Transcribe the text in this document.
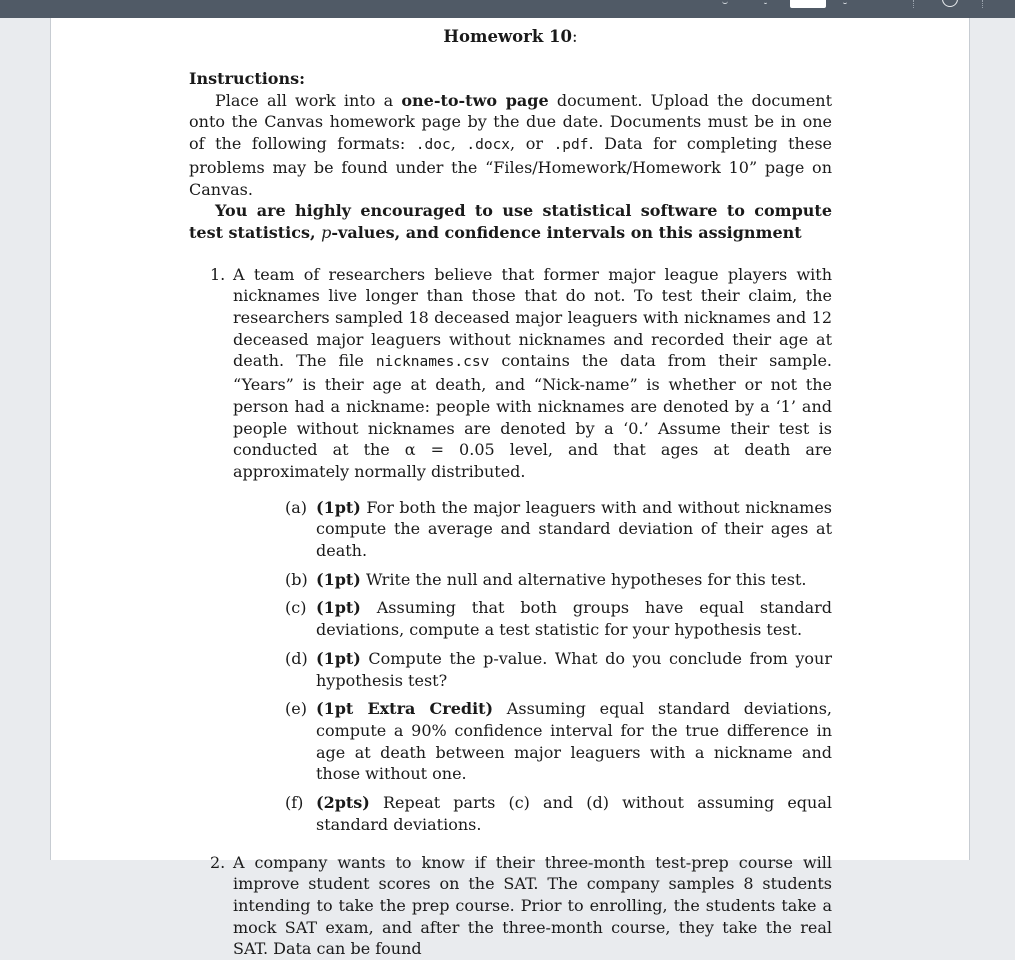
Homework 10:
Instructions:

Place all work into a one-to-two page document. Upload the document onto the Canvas homework page by the due date. Documents must be in one of the following formats: .doc, .docx, or .pdf. Data for completing these problems may be found under the “Files/Homework/Homework 10” page on Canvas.

You are highly encouraged to use statistical software to compute test statistics, p-values, and confidence intervals on this assignment

1. A team of researchers believe that former major league players with nicknames live longer than those that do not. To test their claim, the researchers sampled 18 deceased major leaguers with nicknames and 12 deceased major leaguers without nicknames and recorded their age at death. The file nicknames.csv contains the data from their sample. “Years” is their age at death, and “Nick-name” is whether or not the person had a nickname: people with nicknames are denoted by a ‘1’ and people without nicknames are denoted by a ‘0.’ Assume their test is conducted at the α = 0.05 level, and that ages at death are approximately normally distributed.
(a) (1pt) For both the major leaguers with and without nicknames compute the average and standard deviation of their ages at death.
(b) (1pt) Write the null and alternative hypotheses for this test.
(c) (1pt) Assuming that both groups have equal standard deviations, compute a test statistic for your hypothesis test.
(d) (1pt) Compute the p-value. What do you conclude from your hypothesis test?
(e) (1pt Extra Credit) Assuming equal standard deviations, compute a 90% confidence interval for the true difference in age at death between major leaguers with a nickname and those without one.
(f) (2pts) Repeat parts (c) and (d) without assuming equal standard deviations.
2. A company wants to know if their three-month test-prep course will improve student scores on the SAT. The company samples 8 students intending to take the prep course. Prior to enrolling, the students take a mock SAT exam, and after the three-month course, they take the real SAT. Data can be found
